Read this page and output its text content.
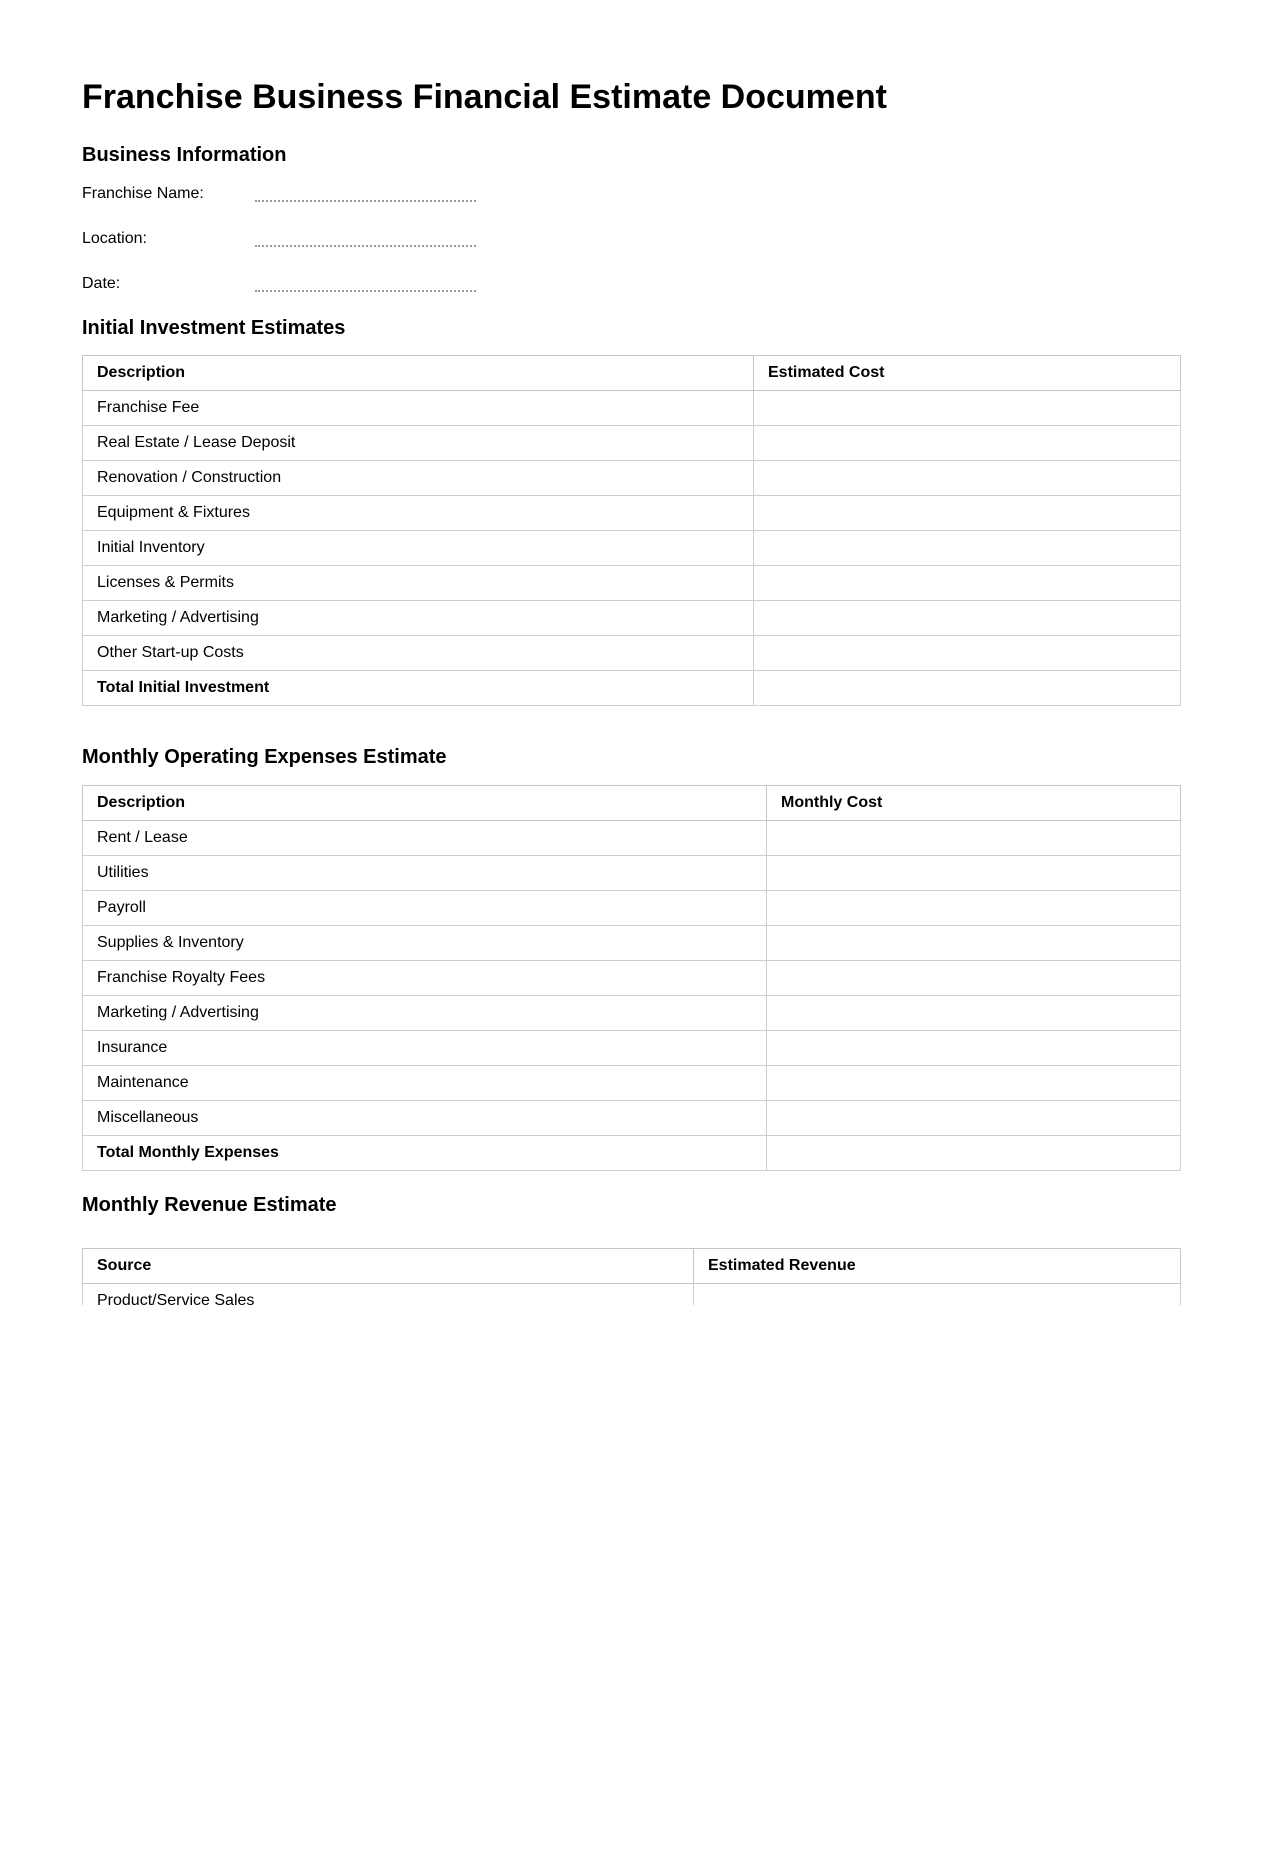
Franchise Business Financial Estimate Document
Business Information
Franchise Name:
Location:
Date:
Initial Investment Estimates
Description	Estimated Cost
Franchise Fee	
Real Estate / Lease Deposit	
Renovation / Construction	
Equipment & Fixtures	
Initial Inventory	
Licenses & Permits	
Marketing / Advertising	
Other Start-up Costs	
Total Initial Investment	
Monthly Operating Expenses Estimate
Description	Monthly Cost
Rent / Lease	
Utilities	
Payroll	
Supplies & Inventory	
Franchise Royalty Fees	
Marketing / Advertising	
Insurance	
Maintenance	
Miscellaneous	
Total Monthly Expenses	
Monthly Revenue Estimate
Source	Estimated Revenue
Product/Service Sales	
